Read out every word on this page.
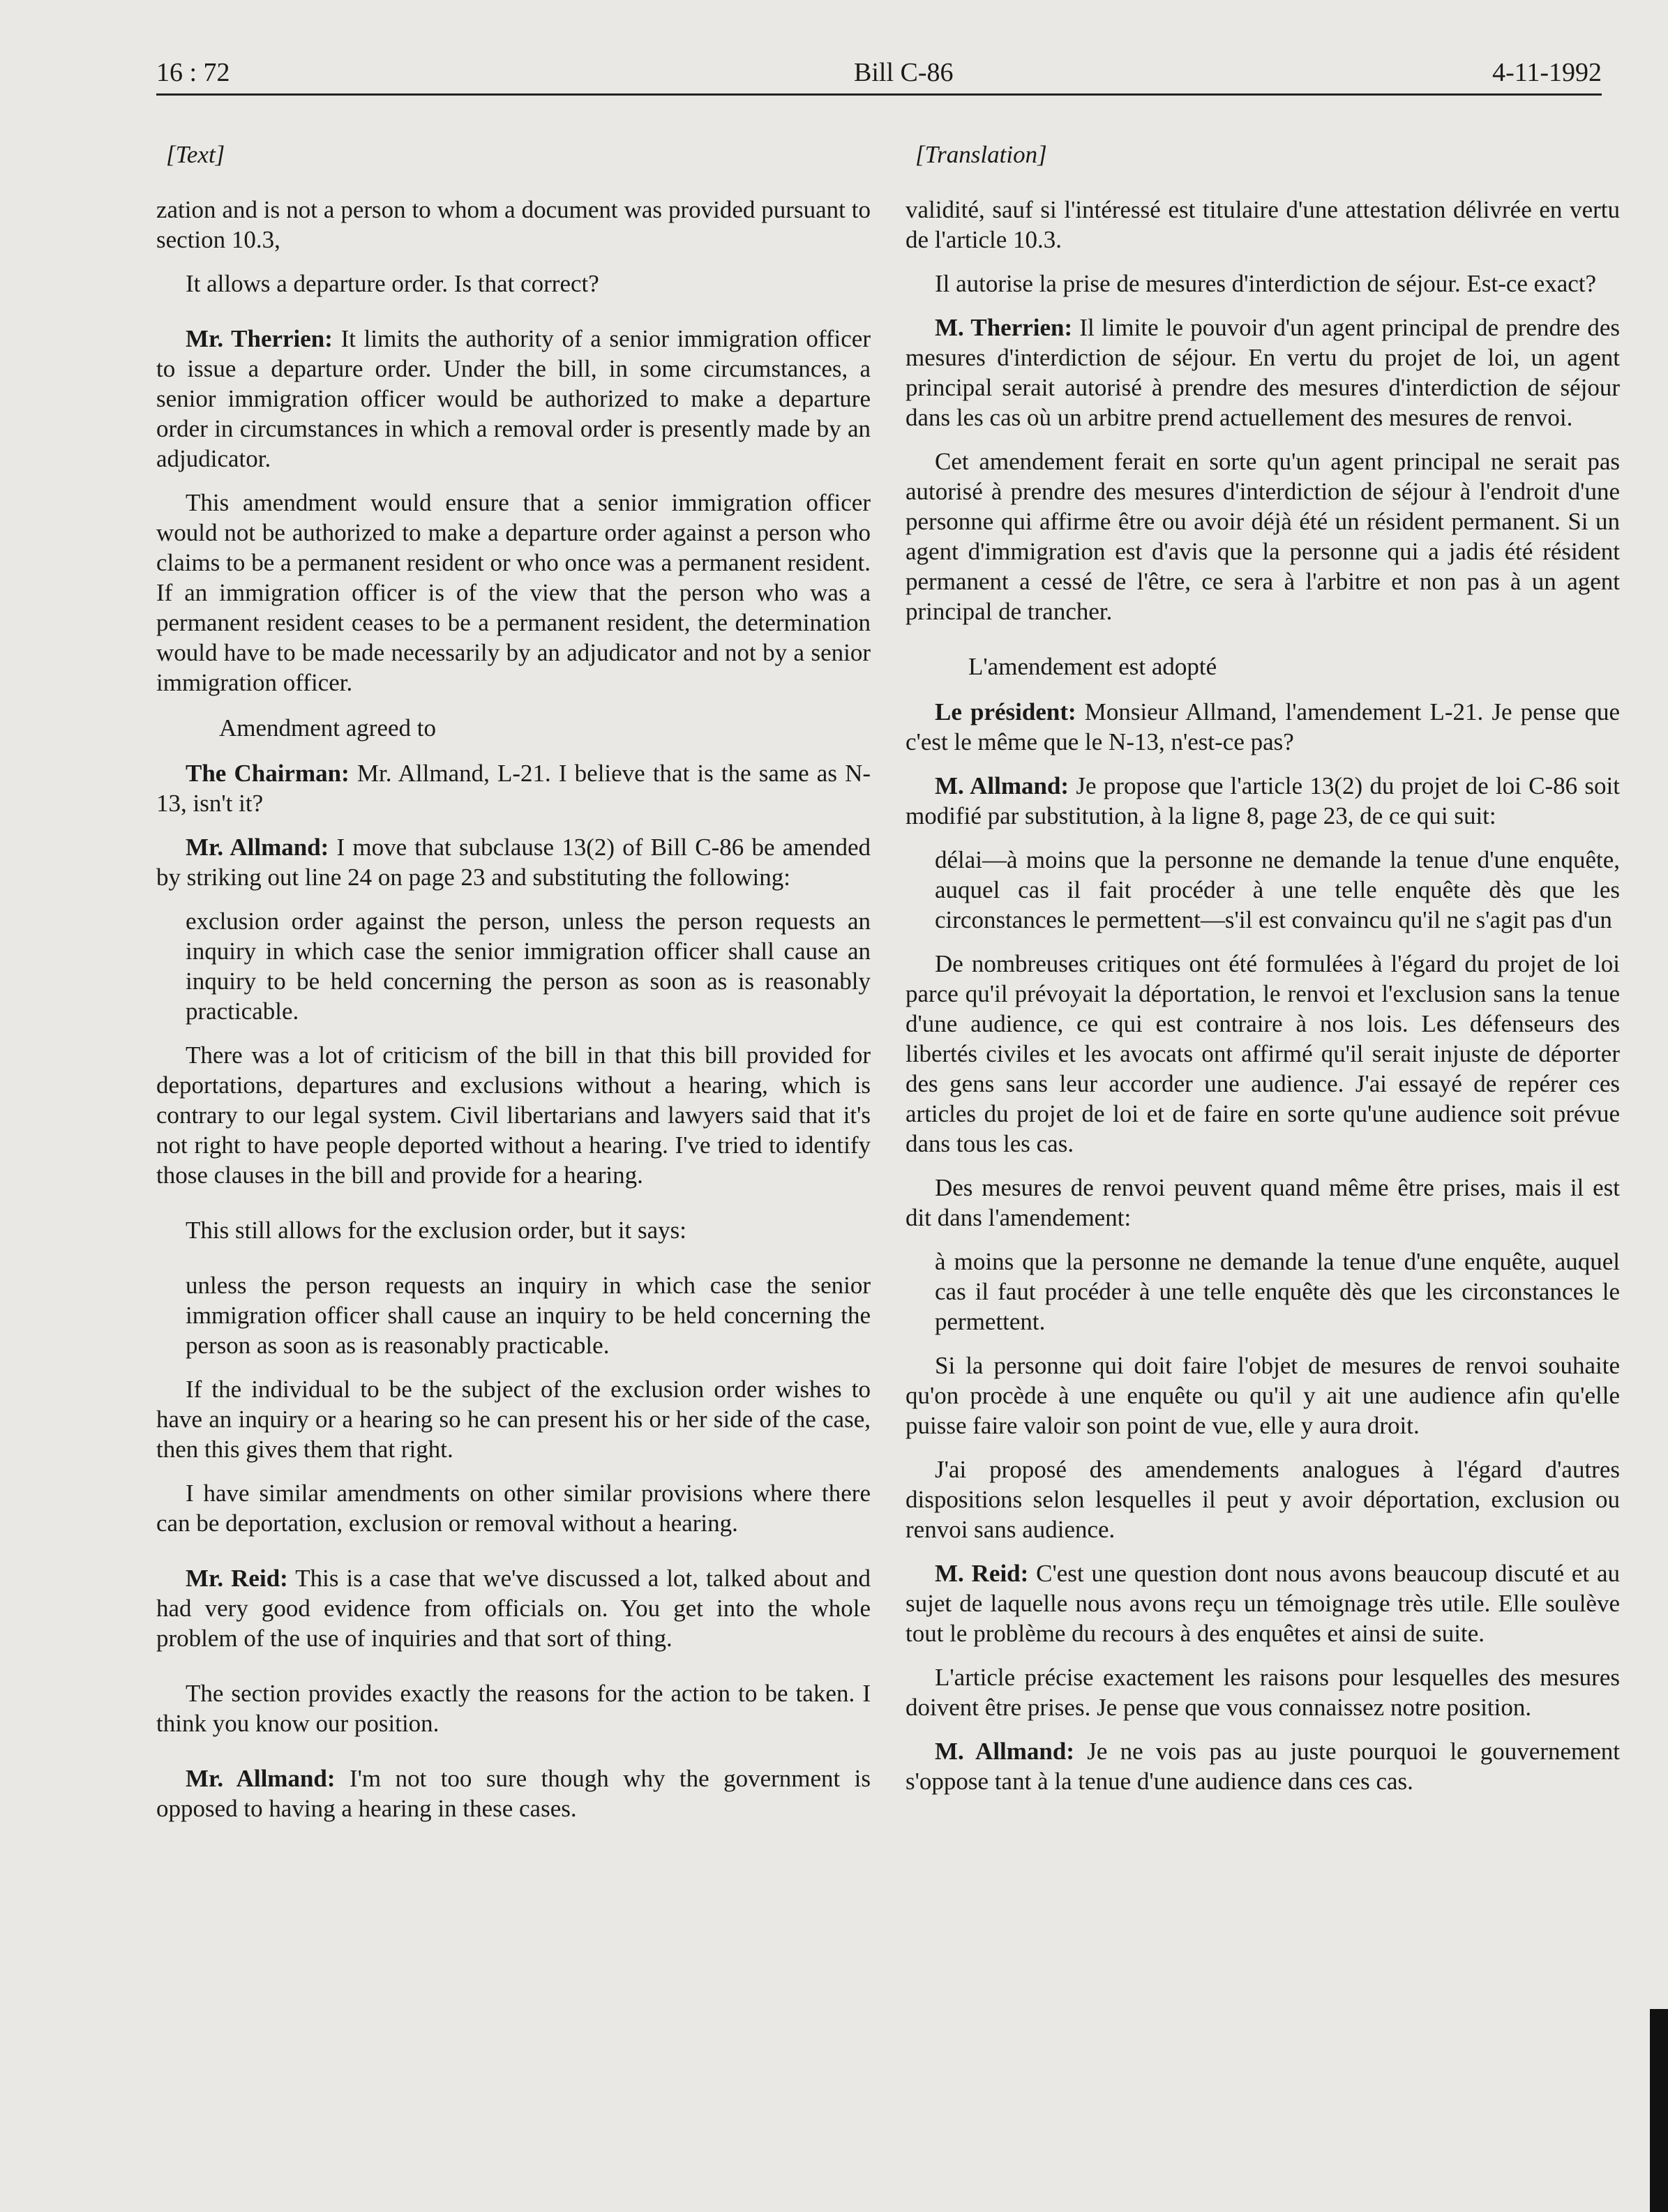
16 : 72	Bill C-86	4-11-1992
[Text]

zation and is not a person to whom a document was provided pursuant to section 10.3,

It allows a departure order. Is that correct?

Mr. Therrien: It limits the authority of a senior immigration officer to issue a departure order. Under the bill, in some circumstances, a senior immigration officer would be authorized to make a departure order in circumstances in which a removal order is presently made by an adjudicator.

This amendment would ensure that a senior immigration officer would not be authorized to make a departure order against a person who claims to be a permanent resident or who once was a permanent resident. If an immigration officer is of the view that the person who was a permanent resident ceases to be a permanent resident, the determination would have to be made necessarily by an adjudicator and not by a senior immigration officer.

Amendment agreed to

The Chairman: Mr. Allmand, L-21. I believe that is the same as N-13, isn't it?

Mr. Allmand: I move that subclause 13(2) of Bill C-86 be amended by striking out line 24 on page 23 and substituting the following:

exclusion order against the person, unless the person requests an inquiry in which case the senior immigration officer shall cause an inquiry to be held concerning the person as soon as is reasonably practicable.

There was a lot of criticism of the bill in that this bill provided for deportations, departures and exclusions without a hearing, which is contrary to our legal system. Civil libertarians and lawyers said that it's not right to have people deported without a hearing. I've tried to identify those clauses in the bill and provide for a hearing.

This still allows for the exclusion order, but it says:

unless the person requests an inquiry in which case the senior immigration officer shall cause an inquiry to be held concerning the person as soon as is reasonably practicable.

If the individual to be the subject of the exclusion order wishes to have an inquiry or a hearing so he can present his or her side of the case, then this gives them that right.

I have similar amendments on other similar provisions where there can be deportation, exclusion or removal without a hearing.

Mr. Reid: This is a case that we've discussed a lot, talked about and had very good evidence from officials on. You get into the whole problem of the use of inquiries and that sort of thing.

The section provides exactly the reasons for the action to be taken. I think you know our position.

Mr. Allmand: I'm not too sure though why the government is opposed to having a hearing in these cases.

[Translation]

validité, sauf si l'intéressé est titulaire d'une attestation délivrée en vertu de l'article 10.3.

Il autorise la prise de mesures d'interdiction de séjour. Est-ce exact?

M. Therrien: Il limite le pouvoir d'un agent principal de prendre des mesures d'interdiction de séjour. En vertu du projet de loi, un agent principal serait autorisé à prendre des mesures d'interdiction de séjour dans les cas où un arbitre prend actuellement des mesures de renvoi.

Cet amendement ferait en sorte qu'un agent principal ne serait pas autorisé à prendre des mesures d'interdiction de séjour à l'endroit d'une personne qui affirme être ou avoir déjà été un résident permanent. Si un agent d'immigration est d'avis que la personne qui a jadis été résident permanent a cessé de l'être, ce sera à l'arbitre et non pas à un agent principal de trancher.

L'amendement est adopté

Le président: Monsieur Allmand, l'amendement L-21. Je pense que c'est le même que le N-13, n'est-ce pas?

M. Allmand: Je propose que l'article 13(2) du projet de loi C-86 soit modifié par substitution, à la ligne 8, page 23, de ce qui suit:

délai—à moins que la personne ne demande la tenue d'une enquête, auquel cas il fait procéder à une telle enquête dès que les circonstances le permettent—s'il est convaincu qu'il ne s'agit pas d'un

De nombreuses critiques ont été formulées à l'égard du projet de loi parce qu'il prévoyait la déportation, le renvoi et l'exclusion sans la tenue d'une audience, ce qui est contraire à nos lois. Les défenseurs des libertés civiles et les avocats ont affirmé qu'il serait injuste de déporter des gens sans leur accorder une audience. J'ai essayé de repérer ces articles du projet de loi et de faire en sorte qu'une audience soit prévue dans tous les cas.

Des mesures de renvoi peuvent quand même être prises, mais il est dit dans l'amendement:

à moins que la personne ne demande la tenue d'une enquête, auquel cas il faut procéder à une telle enquête dès que les circonstances le permettent.

Si la personne qui doit faire l'objet de mesures de renvoi souhaite qu'on procède à une enquête ou qu'il y ait une audience afin qu'elle puisse faire valoir son point de vue, elle y aura droit.

J'ai proposé des amendements analogues à l'égard d'autres dispositions selon lesquelles il peut y avoir déportation, exclusion ou renvoi sans audience.

M. Reid: C'est une question dont nous avons beaucoup discuté et au sujet de laquelle nous avons reçu un témoignage très utile. Elle soulève tout le problème du recours à des enquêtes et ainsi de suite.

L'article précise exactement les raisons pour lesquelles des mesures doivent être prises. Je pense que vous connaissez notre position.

M. Allmand: Je ne vois pas au juste pourquoi le gouvernement s'oppose tant à la tenue d'une audience dans ces cas.
